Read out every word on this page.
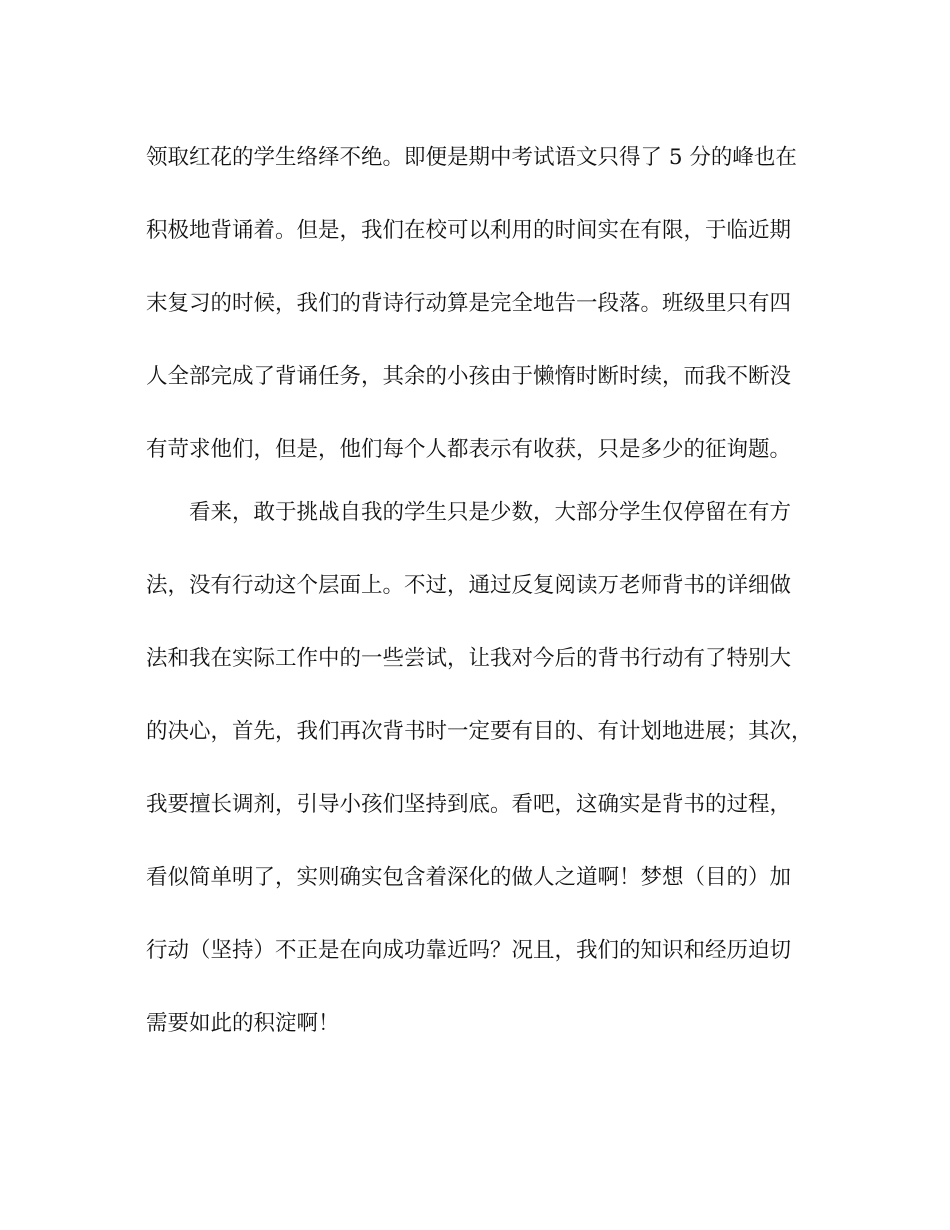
领取红花的学生络绎不绝。即便是期中考试语文只得了 5 分的峰也在
积极地背诵着。但是，我们在校可以利用的时间实在有限，于临近期
末复习的时候，我们的背诗行动算是完全地告一段落。班级里只有四
人全部完成了背诵任务，其余的小孩由于懒惰时断时续，而我不断没
有苛求他们，但是，他们每个人都表示有收获，只是多少的征询题。
看来，敢于挑战自我的学生只是少数，大部分学生仅停留在有方
法，没有行动这个层面上。不过，通过反复阅读万老师背书的详细做
法和我在实际工作中的一些尝试，让我对今后的背书行动有了特别大
的决心，首先，我们再次背书时一定要有目的、有计划地进展；其次，
我要擅长调剂，引导小孩们坚持到底。看吧，这确实是背书的过程，
看似简单明了，实则确实包含着深化的做人之道啊！梦想（目的）加
行动（坚持）不正是在向成功靠近吗？况且，我们的知识和经历迫切
需要如此的积淀啊！
